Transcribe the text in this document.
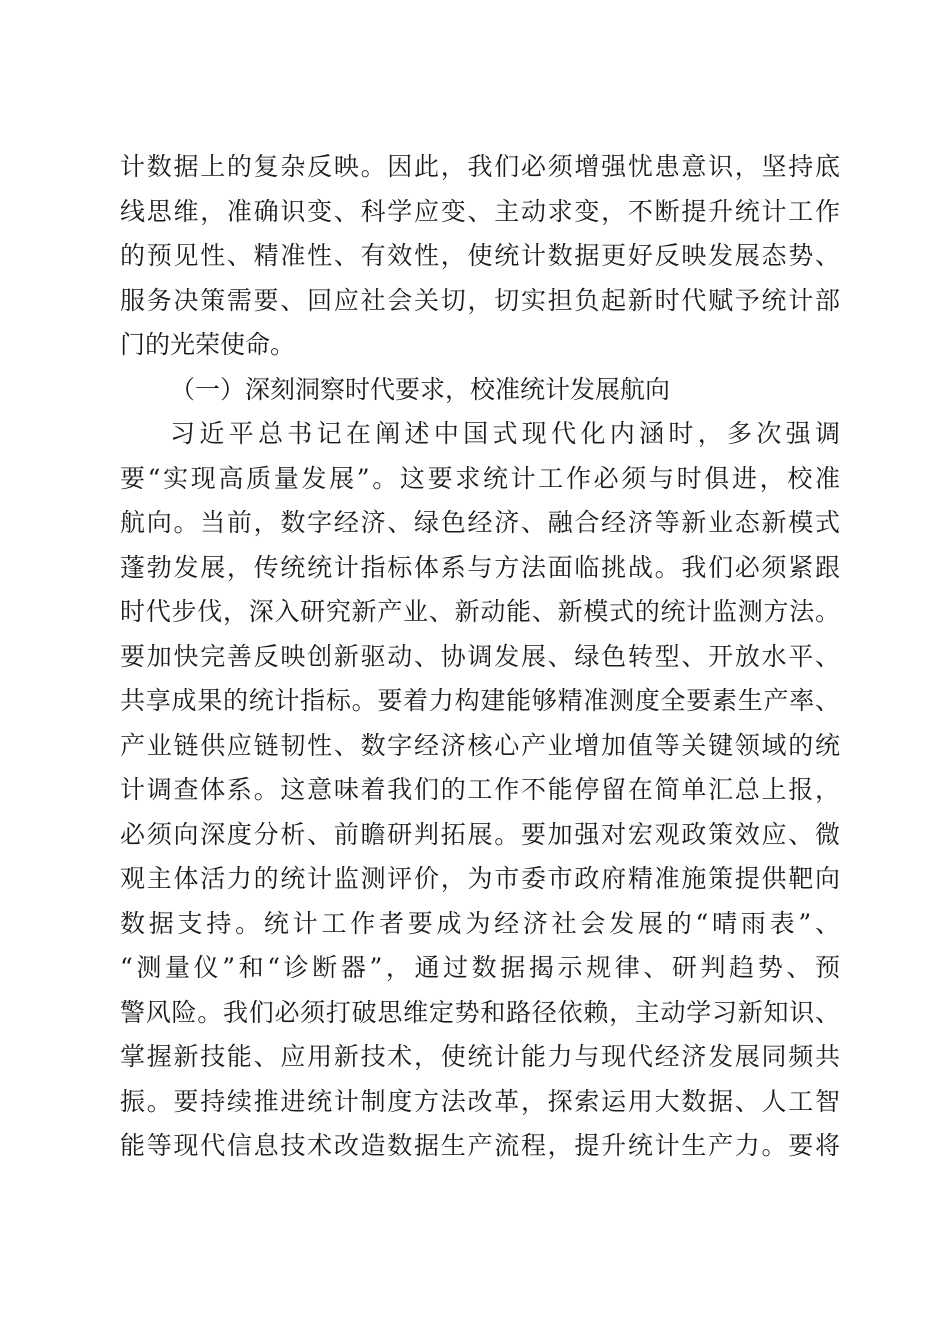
计数据上的复杂反映。因此，我们必须增强忧患意识，坚持底
线思维，准确识变、科学应变、主动求变，不断提升统计工作
的预见性、精准性、有效性，使统计数据更好反映发展态势、
服务决策需要、回应社会关切，切实担负起新时代赋予统计部
门的光荣使命。
（一）深刻洞察时代要求，校准统计发展航向
习近平总书记在阐述中国式现代化内涵时，多次强调
要“实现高质量发展”。这要求统计工作必须与时俱进，校准
航向。当前，数字经济、绿色经济、融合经济等新业态新模式
蓬勃发展，传统统计指标体系与方法面临挑战。我们必须紧跟
时代步伐，深入研究新产业、新动能、新模式的统计监测方法。
要加快完善反映创新驱动、协调发展、绿色转型、开放水平、
共享成果的统计指标。要着力构建能够精准测度全要素生产率、
产业链供应链韧性、数字经济核心产业增加值等关键领域的统
计调查体系。这意味着我们的工作不能停留在简单汇总上报，
必须向深度分析、前瞻研判拓展。要加强对宏观政策效应、微
观主体活力的统计监测评价，为市委市政府精准施策提供靶向
数据支持。统计工作者要成为经济社会发展的“晴雨表”、
“测量仪”和“诊断器”，通过数据揭示规律、研判趋势、预
警风险。我们必须打破思维定势和路径依赖，主动学习新知识、
掌握新技能、应用新技术，使统计能力与现代经济发展同频共
振。要持续推进统计制度方法改革，探索运用大数据、人工智
能等现代信息技术改造数据生产流程，提升统计生产力。要将
